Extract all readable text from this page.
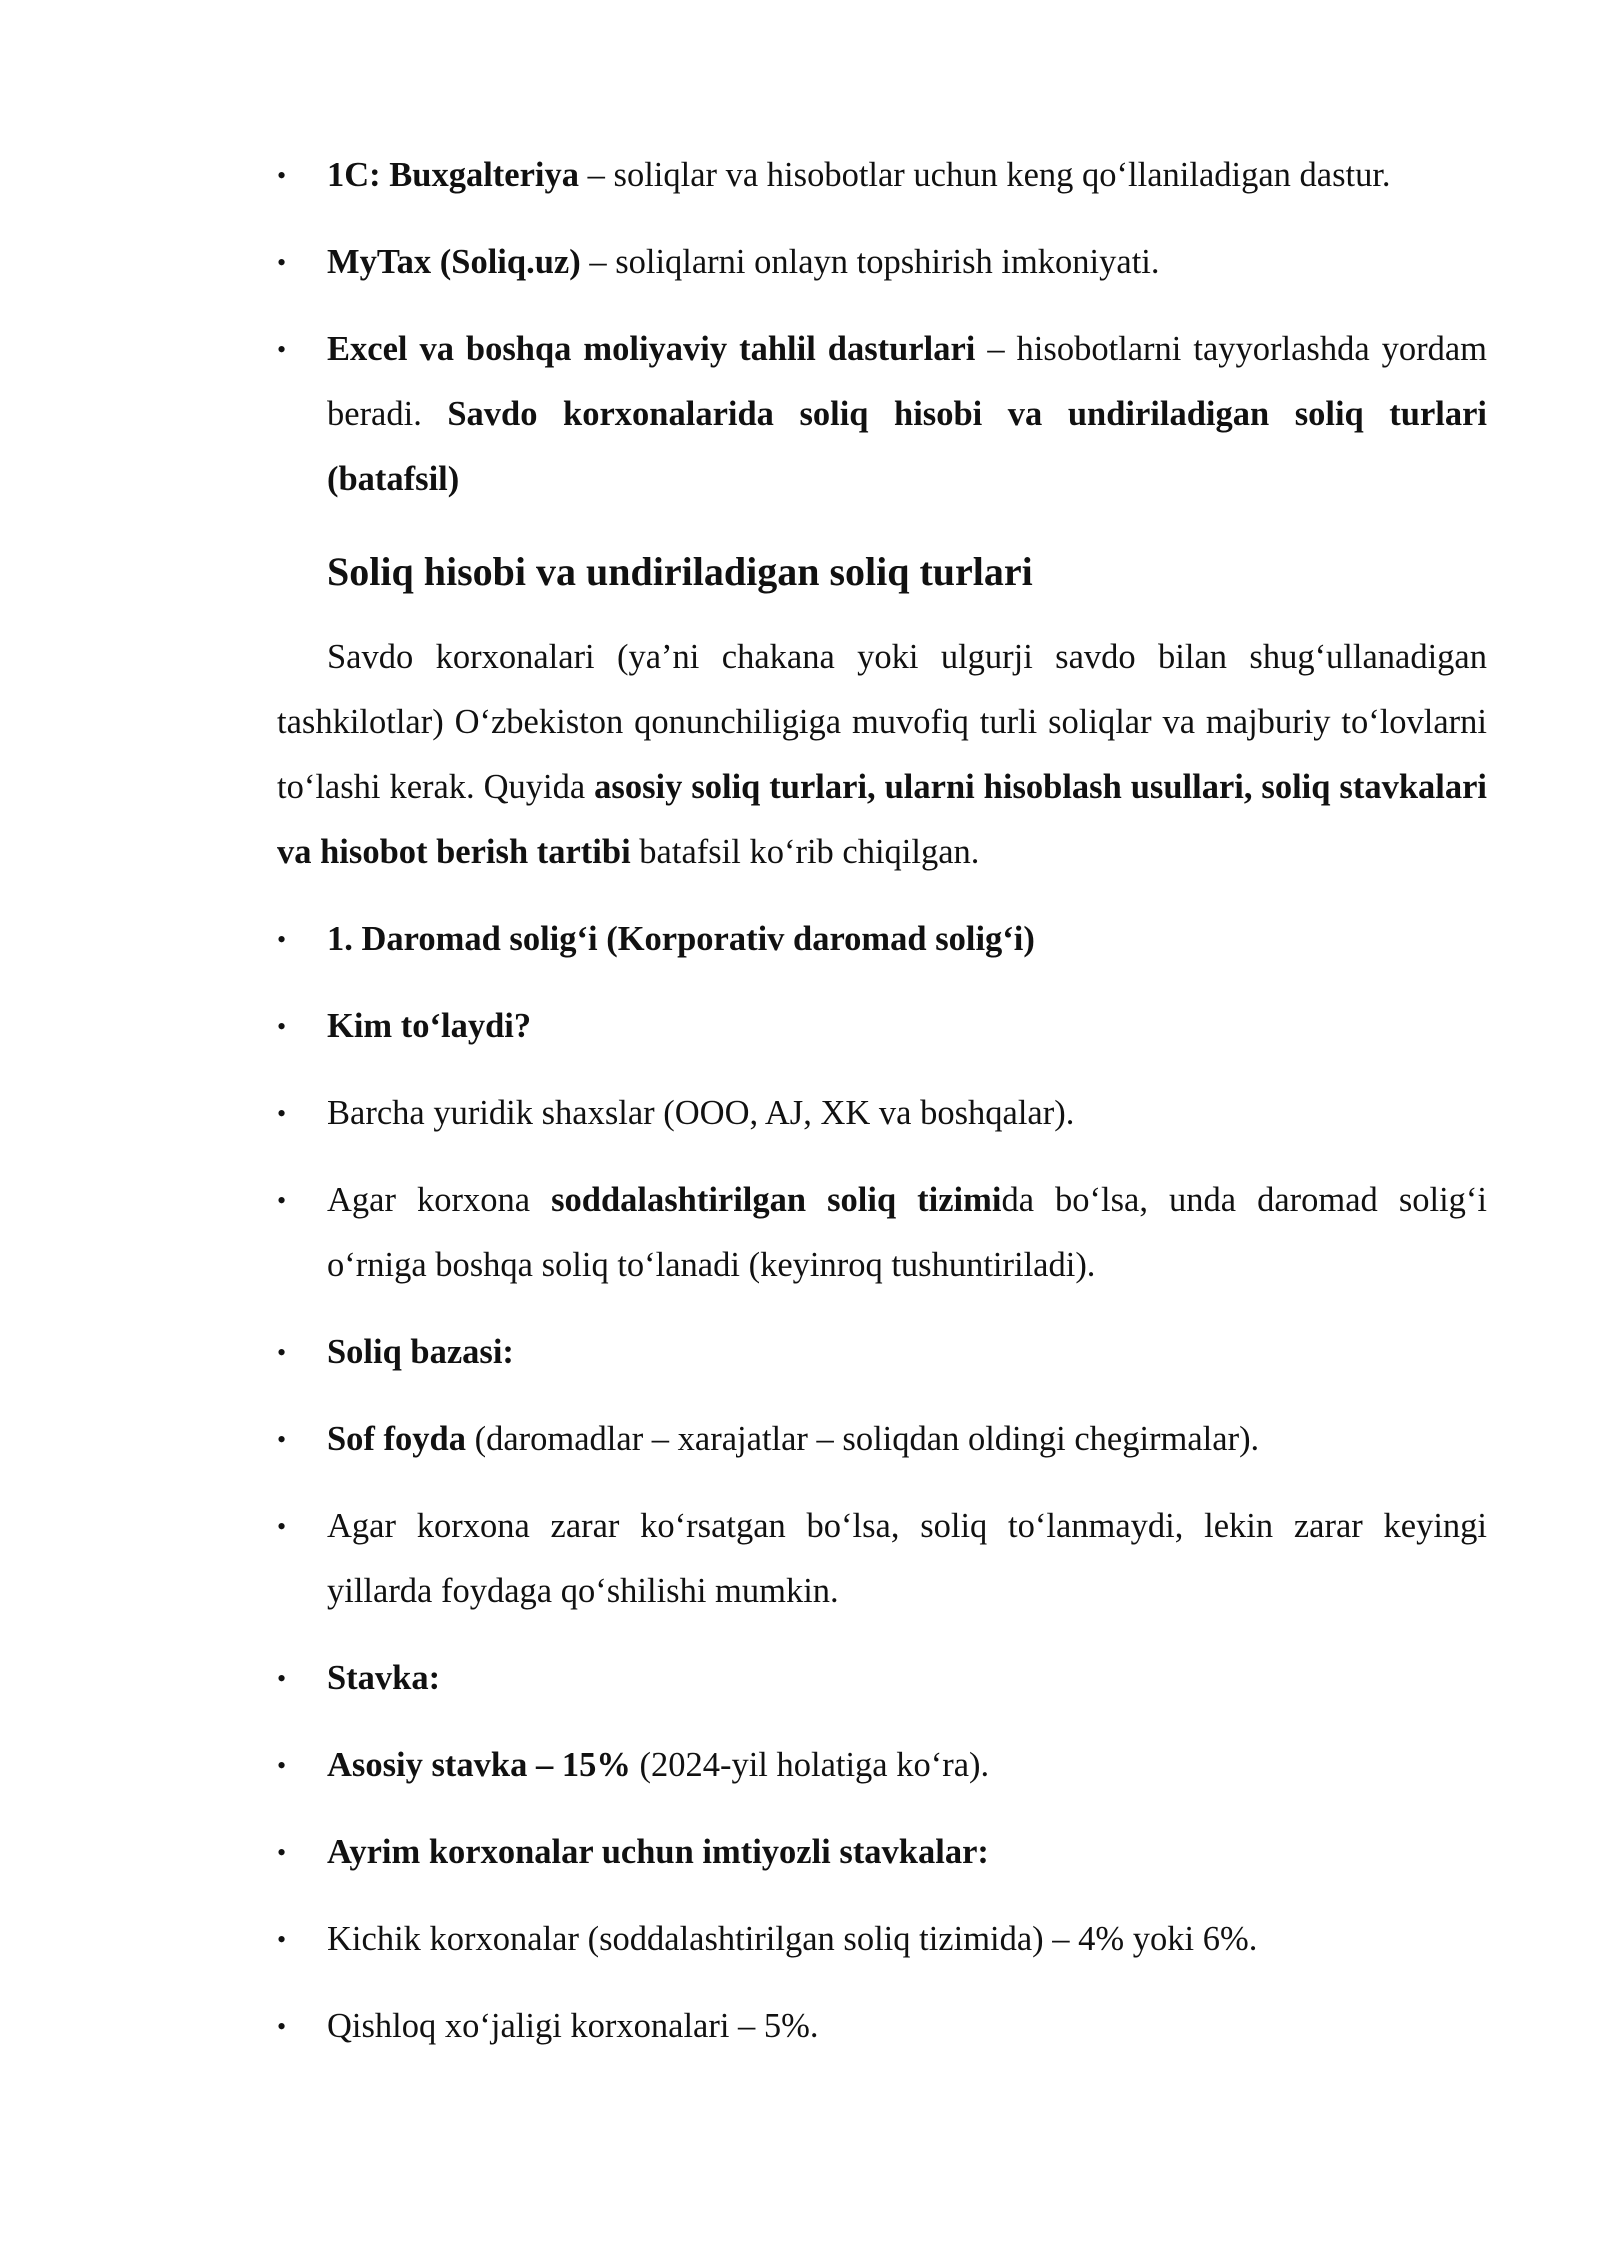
• 1C: Buxgalteriya – soliqlar va hisobotlar uchun keng qo‘llaniladigan dastur.
• MyTax (Soliq.uz) – soliqlarni onlayn topshirish imkoniyati.
• Excel va boshqa moliyaviy tahlil dasturlari – hisobotlarni tayyorlashda yordam beradi. Savdo korxonalarida soliq hisobi va undiriladigan soliq turlari (batafsil)
Soliq hisobi va undiriladigan soliq turlari

Savdo korxonalari (ya’ni chakana yoki ulgurji savdo bilan shug‘ullanadigan tashkilotlar) O‘zbekiston qonunchiligiga muvofiq turli soliqlar va majburiy to‘lovlarni to‘lashi kerak. Quyida asosiy soliq turlari, ularni hisoblash usullari, soliq stavkalari va hisobot berish tartibi batafsil ko‘rib chiqilgan.

• 1. Daromad solig‘i (Korporativ daromad solig‘i)
• Kim to‘laydi?
• Barcha yuridik shaxslar (OOO, AJ, XK va boshqalar).
• Agar korxona soddalashtirilgan soliq tizimida bo‘lsa, unda daromad solig‘i o‘rniga boshqa soliq to‘lanadi (keyinroq tushuntiriladi).
• Soliq bazasi:
• Sof foyda (daromadlar – xarajatlar – soliqdan oldingi chegirmalar).
• Agar korxona zarar ko‘rsatgan bo‘lsa, soliq to‘lanmaydi, lekin zarar keyingi yillarda foydaga qo‘shilishi mumkin.
• Stavka:
• Asosiy stavka – 15% (2024-yil holatiga ko‘ra).
• Ayrim korxonalar uchun imtiyozli stavkalar:
• Kichik korxonalar (soddalashtirilgan soliq tizimida) – 4% yoki 6%.
• Qishloq xo‘jaligi korxonalari – 5%.
